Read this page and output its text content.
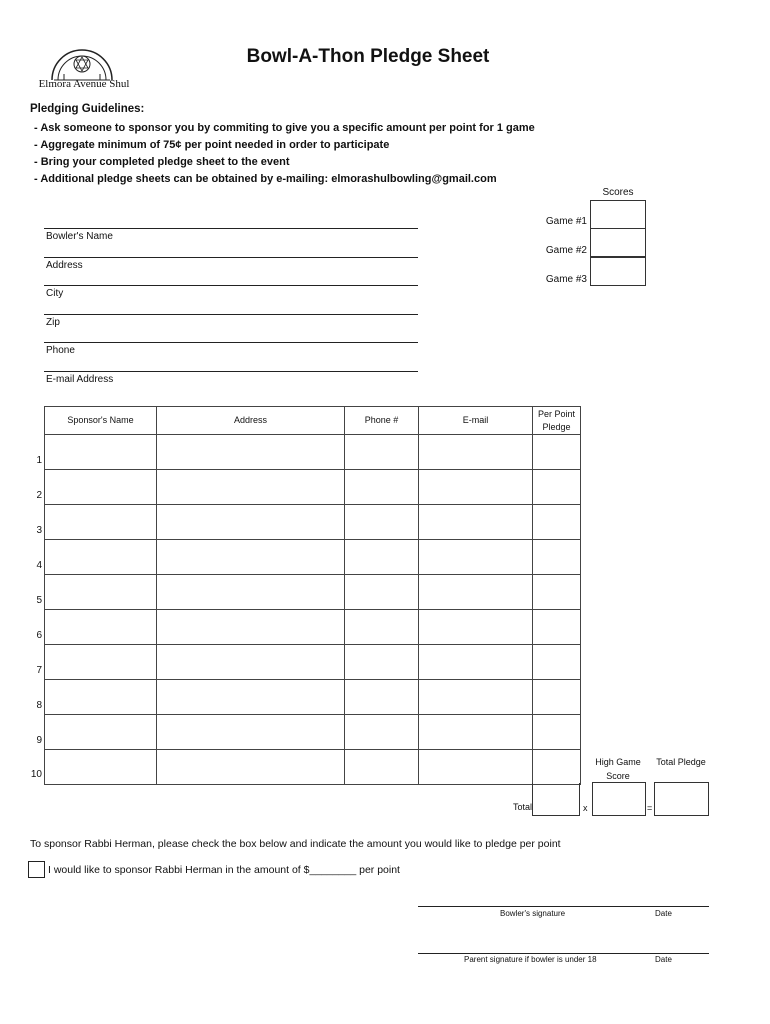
Elmora Avenue Shul
Bowl-A-Thon Pledge Sheet
Pledging Guidelines:
- Ask someone to sponsor you by commiting to give you a specific amount per point for 1 game
- Aggregate minimum of 75¢ per point needed in order to participate
- Bring your completed pledge sheet to the event
- Additional pledge sheets can be obtained by e-mailing: elmorashulbowling@gmail.com
Bowler's Name
Address
City
Zip
Phone
E-mail Address
Scores
Game #1
Game #2
Game #3
Sponsor's Name	Address	Phone #	E-mail	Per Point Pledge

1
2
3
4
5
6
7
8
9
10
High Game Score
Total Pledge
Total	x	=
To sponsor Rabbi Herman, please check the box below and indicate the amount you would like to pledge per point
I would like to sponsor Rabbi Herman in the amount of $________ per point
Bowler's signature	Date
Parent signature if bowler is under 18	Date
